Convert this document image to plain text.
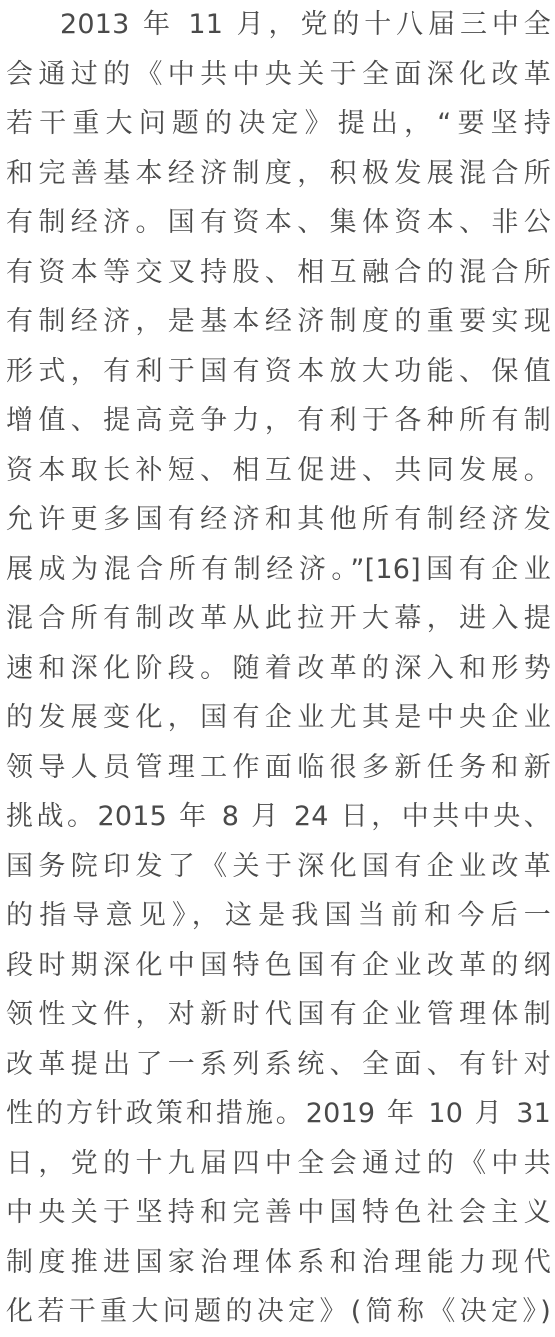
2013 年 11 月，党的十八届三中全
会通过的《中共中央关于全面深化改革
若干重大问题的决定》提出，“要坚持
和完善基本经济制度，积极发展混合所
有制经济。国有资本、集体资本、非公
有资本等交叉持股、相互融合的混合所
有制经济，是基本经济制度的重要实现
形式，有利于国有资本放大功能、保值
增值、提高竞争力，有利于各种所有制
资本取长补短、相互促进、共同发展。
允许更多国有经济和其他所有制经济发
展成为混合所有制经济。”[16]国有企业
混合所有制改革从此拉开大幕，进入提
速和深化阶段。随着改革的深入和形势
的发展变化，国有企业尤其是中央企业
领导人员管理工作面临很多新任务和新
挑战。2015 年 8 月 24 日，中共中央、
国务院印发了《关于深化国有企业改革
的指导意见》，这是我国当前和今后一
段时期深化中国特色国有企业改革的纲
领性文件，对新时代国有企业管理体制
改革提出了一系列系统、全面、有针对
性的方针政策和措施。2019 年 10 月 31
日，党的十九届四中全会通过的《中共
中央关于坚持和完善中国特色社会主义
制度推进国家治理体系和治理能力现代
化若干重大问题的决定》(简称《决定》)
